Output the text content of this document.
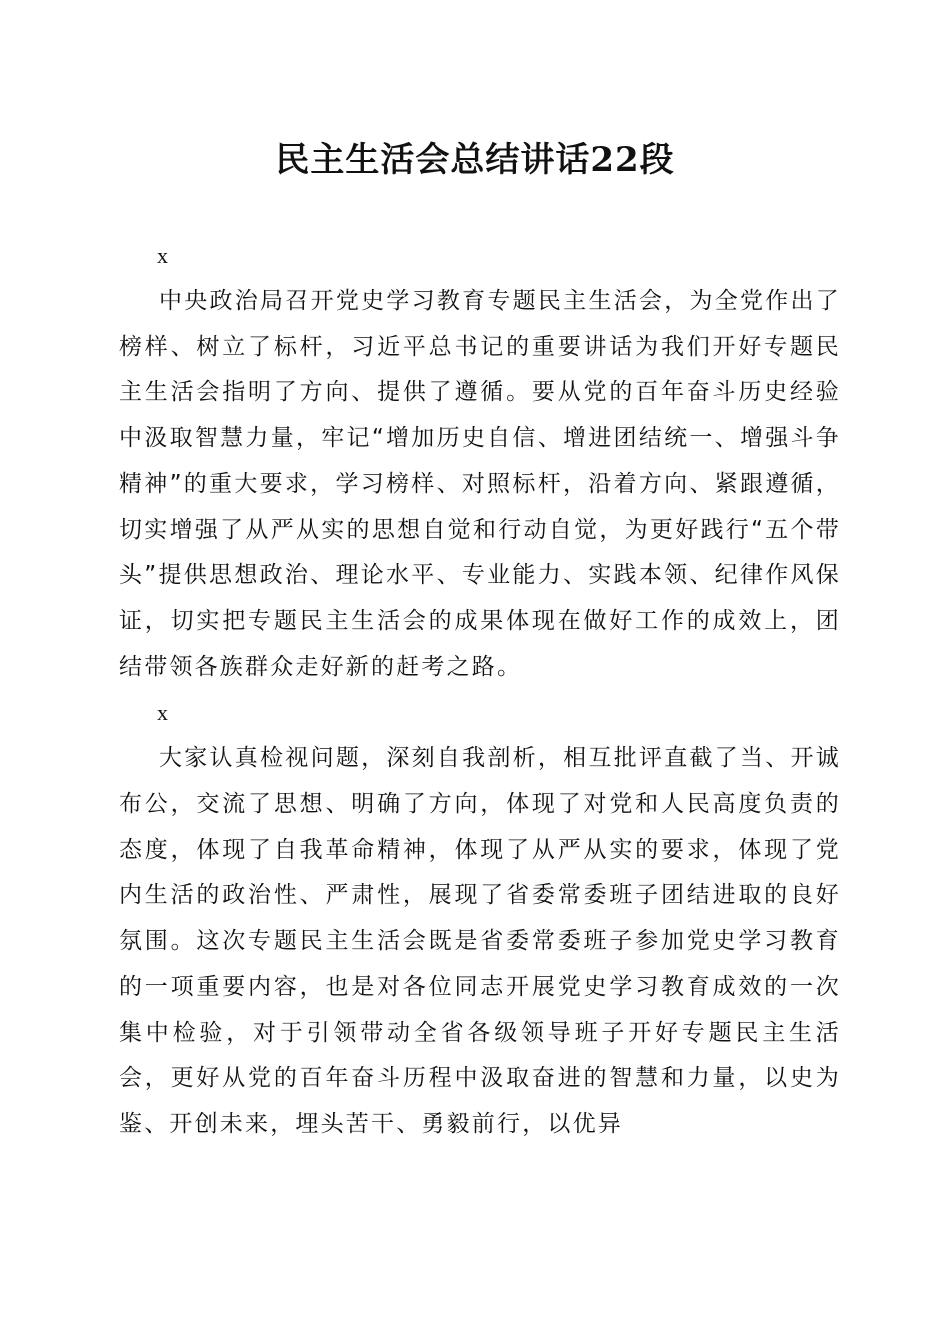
民主生活会总结讲话22段
x

中央政治局召开党史学习教育专题民主生活会，为全党作出了榜样、树立了标杆，习近平总书记的重要讲话为我们开好专题民主生活会指明了方向、提供了遵循。要从党的百年奋斗历史经验中汲取智慧力量，牢记“增加历史自信、增进团结统一、增强斗争精神”的重大要求，学习榜样、对照标杆，沿着方向、紧跟遵循，切实增强了从严从实的思想自觉和行动自觉，为更好践行“五个带头”提供思想政治、理论水平、专业能力、实践本领、纪律作风保证，切实把专题民主生活会的成果体现在做好工作的成效上，团结带领各族群众走好新的赶考之路。

x

大家认真检视问题，深刻自我剖析，相互批评直截了当、开诚布公，交流了思想、明确了方向，体现了对党和人民高度负责的态度，体现了自我革命精神，体现了从严从实的要求，体现了党内生活的政治性、严肃性，展现了省委常委班子团结进取的良好氛围。这次专题民主生活会既是省委常委班子参加党史学习教育的一项重要内容，也是对各位同志开展党史学习教育成效的一次集中检验，对于引领带动全省各级领导班子开好专题民主生活会，更好从党的百年奋斗历程中汲取奋进的智慧和力量，以史为鉴、开创未来，埋头苦干、勇毅前行，以优异
